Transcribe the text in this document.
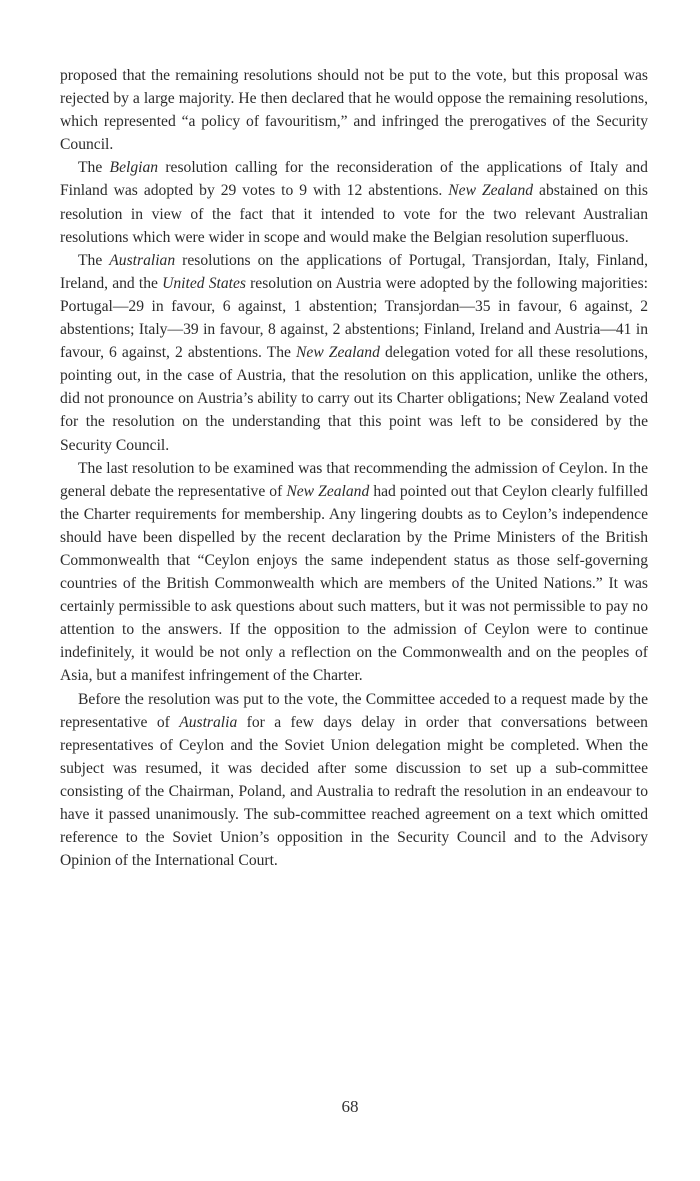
proposed that the remaining resolutions should not be put to the vote, but this proposal was rejected by a large majority. He then declared that he would oppose the remaining resolutions, which represented “a policy of favouritism,” and infringed the prerogatives of the Security Council.

The Belgian resolution calling for the reconsideration of the applications of Italy and Finland was adopted by 29 votes to 9 with 12 abstentions. New Zealand abstained on this resolution in view of the fact that it intended to vote for the two relevant Australian resolutions which were wider in scope and would make the Belgian resolution superfluous.

The Australian resolutions on the applications of Portugal, Transjordan, Italy, Finland, Ireland, and the United States resolution on Austria were adopted by the following majorities: Portugal—29 in favour, 6 against, 1 abstention; Transjordan—35 in favour, 6 against, 2 abstentions; Italy—39 in favour, 8 against, 2 abstentions; Finland, Ireland and Austria—41 in favour, 6 against, 2 abstentions. The New Zealand delegation voted for all these resolutions, pointing out, in the case of Austria, that the resolution on this application, unlike the others, did not pronounce on Austria’s ability to carry out its Charter obligations; New Zealand voted for the resolution on the understanding that this point was left to be considered by the Security Council.

The last resolution to be examined was that recommending the admission of Ceylon. In the general debate the representative of New Zealand had pointed out that Ceylon clearly fulfilled the Charter requirements for membership. Any lingering doubts as to Ceylon’s independence should have been dispelled by the recent declaration by the Prime Ministers of the British Commonwealth that “Ceylon enjoys the same independent status as those self-governing countries of the British Commonwealth which are members of the United Nations.” It was certainly permissible to ask questions about such matters, but it was not permissible to pay no attention to the answers. If the opposition to the admission of Ceylon were to continue indefinitely, it would be not only a reflection on the Commonwealth and on the peoples of Asia, but a manifest infringement of the Charter.

Before the resolution was put to the vote, the Committee acceded to a request made by the representative of Australia for a few days delay in order that conversations between representatives of Ceylon and the Soviet Union delegation might be completed. When the subject was resumed, it was decided after some discussion to set up a sub-committee consisting of the Chairman, Poland, and Australia to redraft the resolution in an endeavour to have it passed unanimously. The sub-committee reached agreement on a text which omitted reference to the Soviet Union’s opposition in the Security Council and to the Advisory Opinion of the International Court.

68
